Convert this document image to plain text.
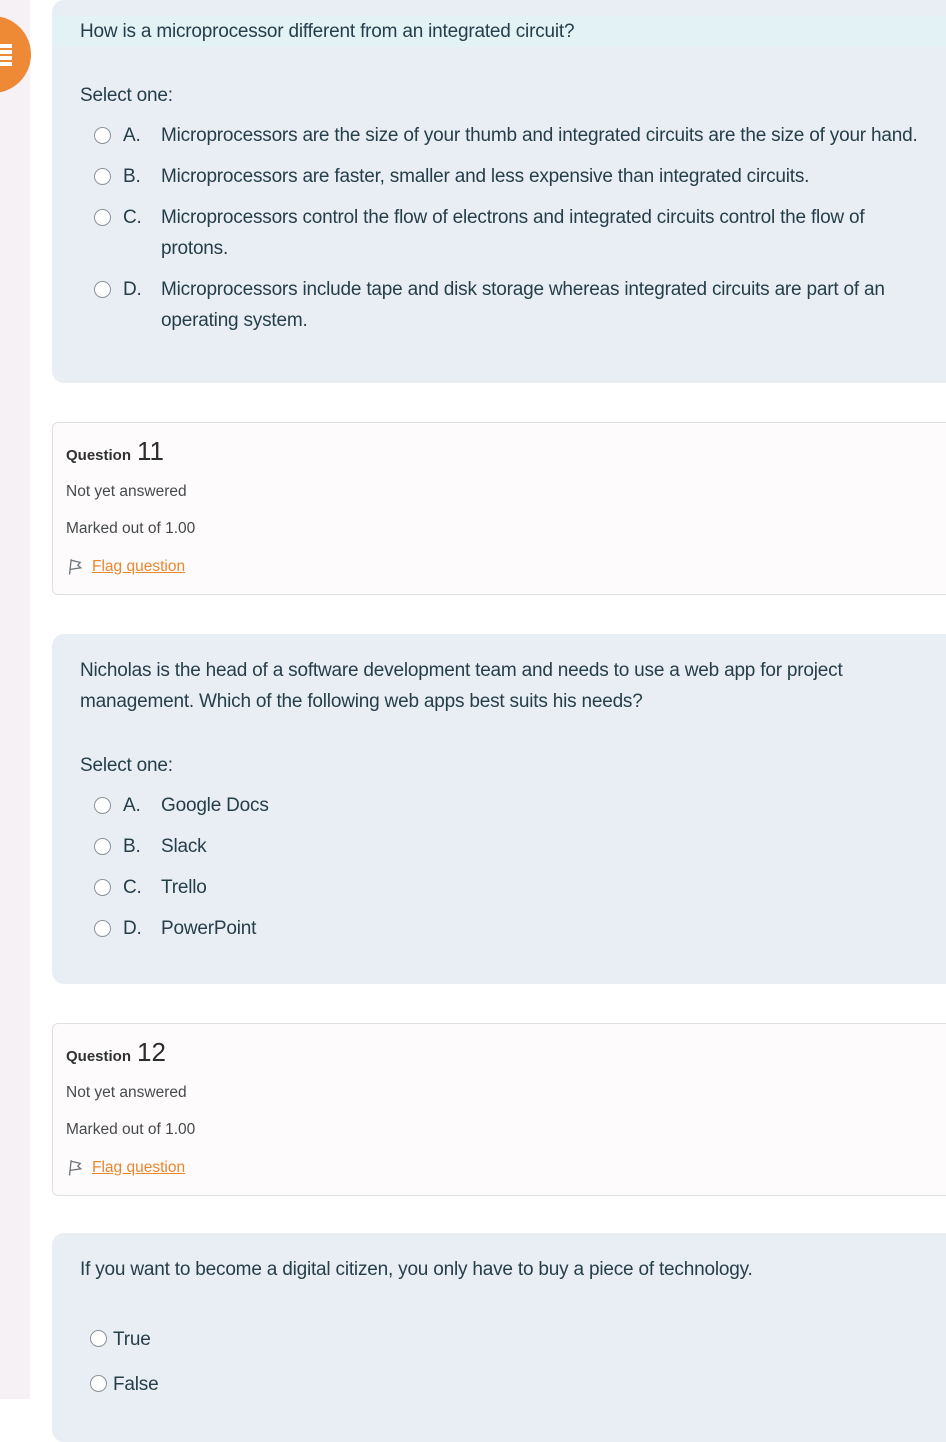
How is a microprocessor different from an integrated circuit?
Select one:
A.	Microprocessors are the size of your thumb and integrated circuits are the size of your hand.
B.	Microprocessors are faster, smaller and less expensive than integrated circuits.
C.	Microprocessors control the flow of electrons and integrated circuits control the flow of protons.
D.	Microprocessors include tape and disk storage whereas integrated circuits are part of an operating system.
Question 11
Not yet answered
Marked out of 1.00
Flag question
Nicholas is the head of a software development team and needs to use a web app for project management. Which of the following web apps best suits his needs?
Select one:
A.	Google Docs
B.	Slack
C.	Trello
D.	PowerPoint
Question 12
Not yet answered
Marked out of 1.00
Flag question
If you want to become a digital citizen, you only have to buy a piece of technology.
True
False
